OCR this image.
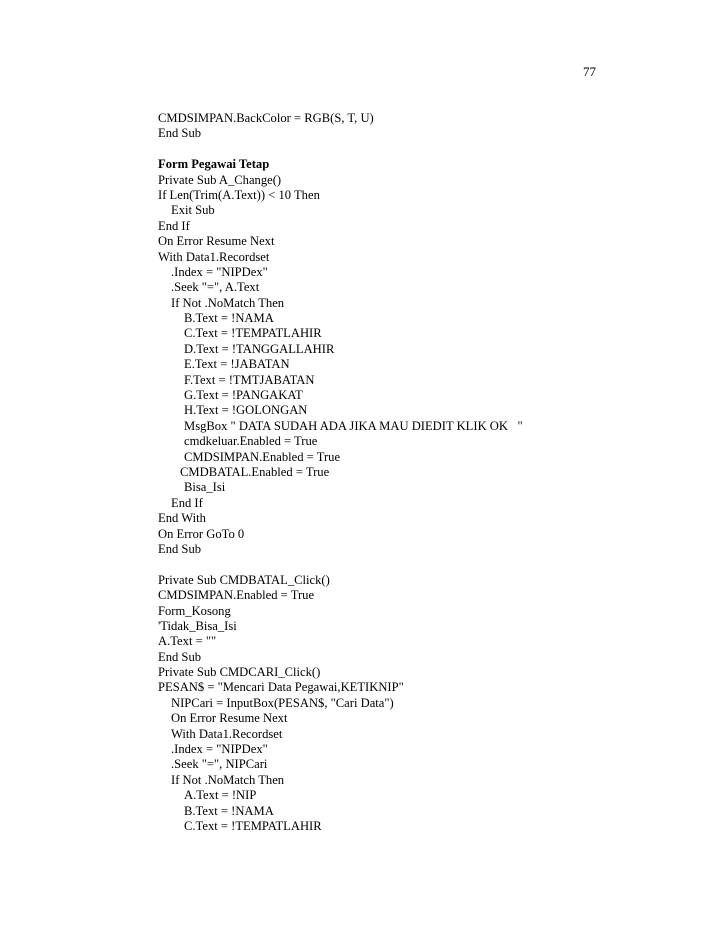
77
CMDSIMPAN.BackColor = RGB(S, T, U)
End Sub
Form Pegawai Tetap
Private Sub A_Change()
If Len(Trim(A.Text)) < 10 Then
Exit Sub
End If
On Error Resume Next
With Data1.Recordset
.Index = "NIPDex"
.Seek "=", A.Text
If Not .NoMatch Then
B.Text = !NAMA
C.Text = !TEMPATLAHIR
D.Text = !TANGGALLAHIR
E.Text = !JABATAN
F.Text = !TMTJABATAN
G.Text = !PANGAKAT
H.Text = !GOLONGAN
MsgBox " DATA SUDAH ADA JIKA MAU DIEDIT KLIK OK   "
cmdkeluar.Enabled = True
CMDSIMPAN.Enabled = True
CMDBATAL.Enabled = True
Bisa_Isi
End If
End With
On Error GoTo 0
End Sub
Private Sub CMDBATAL_Click()
CMDSIMPAN.Enabled = True
Form_Kosong
'Tidak_Bisa_Isi
A.Text = ""
End Sub
Private Sub CMDCARI_Click()
PESAN$ = "Mencari Data Pegawai,KETIKNIP"
NIPCari = InputBox(PESAN$, "Cari Data")
On Error Resume Next
With Data1.Recordset
.Index = "NIPDex"
.Seek "=", NIPCari
If Not .NoMatch Then
A.Text = !NIP
B.Text = !NAMA
C.Text = !TEMPATLAHIR
